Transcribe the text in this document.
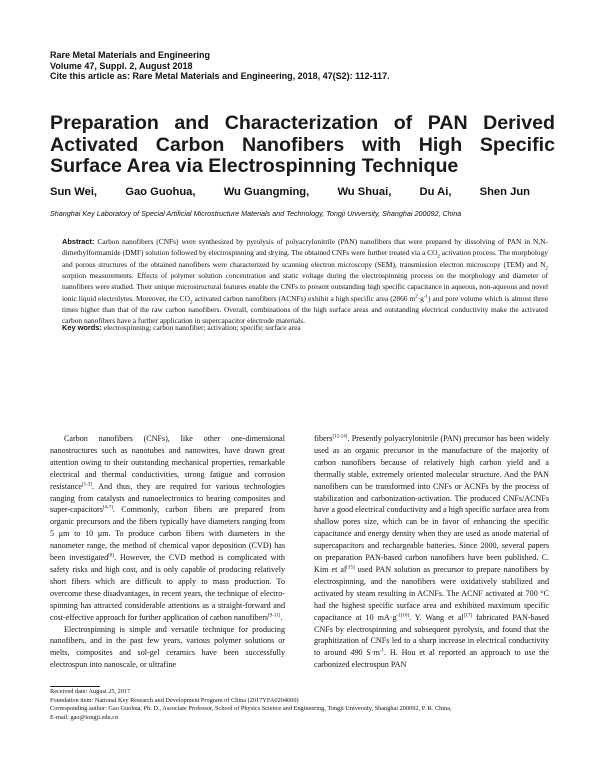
Rare Metal Materials and Engineering
Volume 47, Suppl. 2, August 2018
Cite this article as: Rare Metal Materials and Engineering, 2018, 47(S2): 112-117.
Preparation and Characterization of PAN Derived Activated Carbon Nanofibers with High Specific Surface Area via Electrospinning Technique
Sun Wei,	Gao Guohua,	Wu Guangming,	Wu Shuai,	Du Ai,	Shen Jun
Shanghai Key Laboratory of Special Artificial Microstructure Materials and Technology, Tongji University, Shanghai 200092, China
Abstract: Carbon nanofibers (CNFs) were synthesized by pyrolysis of polyacrylonitrile (PAN) nanofibers that were prepared by dissolving of PAN in N,N-dimethylformamide (DMF) solution followed by electrospinning and drying. The obtained CNFs were further treated via a $CO_2$ activation process. The morphology and porous structures of the obtained nanofibers were characterized by scanning electron microscopy (SEM), transmission electron microscopy (TEM) and $N_2$ sorption measurements. Effects of polymer solution concentration and static voltage during the electrospinning process on the morphology and diameter of nanofibers were studied. Their unique microstructural features enable the CNFs to present outstanding high specific capacitance in aqueous, non-aqueous and novel ionic liquid electrolytes. Moreover, the $CO_2$ activated carbon nanofibers (ACNFs) exhibit a high specific area (2866 $m^2\cdot g^{-1}$) and pore volume which is almost three times higher than that of the raw carbon nanofibers. Overall, combinations of the high surface areas and outstanding electrical conductivity make the activated carbon nanofibers have a further application in supercapacitor electrode materials.
Key words: electrospinning; carbon nanofiber; activation; specific surface area

Carbon nanofibers (CNFs), like other one-dimensional nanostructures such as nanotubes and nanowires, have drawn great attention owing to their outstanding mechanical properties, remarkable electrical and thermal conductivities, strong fatigue and corrosion resistance[1-3]. And thus, they are required for various technologies ranging from catalysts and nanoelectronics to bearing composites and super-capacitors[4-7]. Commonly, carbon fibers are prepared from organic precursors and the fibers typically have diameters ranging from 5 μm to 10 μm. To produce carbon fibers with diameters in the nanometer range, the method of chemical vapor deposition (CVD) has been investigated[8]. However, the CVD method is complicated with safety risks and high cost, and is only capable of producing relatively short fibers which are difficult to apply to mass production. To overcome these disadvantages, in recent years, the technique of electro-spinning has attracted considerable attentions as a straight-forward and cost-effective approach for further application of carbon nanofibers[9-11].

Electrospinning is simple and versatile technique for producing nanofibers, and in the past few years, various polymer solutions or melts, composites and sol-gel ceramics have been successfully electrospun into nanoscale, or ultrafine

fibers[12-14]. Presently polyacrylonitrile (PAN) precursor has been widely used as an organic precursor in the manufacture of the majority of carbon nanofibers because of relatively high carbon yield and a thermally stable, extremely oriented molecular structure. And the PAN nanofibers can be transformed into CNFs or ACNFs by the process of stabilization and carbonization-activation. The produced CNFs/ACNFs have a good electrical conductivity and a high specific surface area from shallow pores size, which can be in favor of enhancing the specific capacitance and energy density when they are used as anode material of supercapacitors and rechargeable batteries. Since 2000, several papers on preparation PAN-based carbon nanofibers have been published. C. Kim et al[15] used PAN solution as precursor to prepare nanofibers by electrospinning, and the nanofibers were oxidatively stabilized and activated by steam resulting in ACNFs. The ACNF activated at 700 °C had the highest specific surface area and exhibited maximum specific capacitance at 10 $mA\cdot g^{-1[16]}$. Y. Wang et al[17] fabricated PAN-based CNFs by electrospinning and subsequent pyrolysis, and found that the graphitization of CNFs led to a sharp increase in electrical conductivity to around 490 $S\cdot m^{-1}$. H. Hou et al reported an approach to use the carbonized electrospun PAN

Received date: August 25, 2017
Foundation item: National Key Research and Development Program of China (2017YFA0204600)
Corresponding author: Gao Guohua, Ph. D., Associate Professor, School of Physics Science and Engineering, Tongji University, Shanghai 200092, P. R. China,
E-mail: gao@tongji.edu.cn
